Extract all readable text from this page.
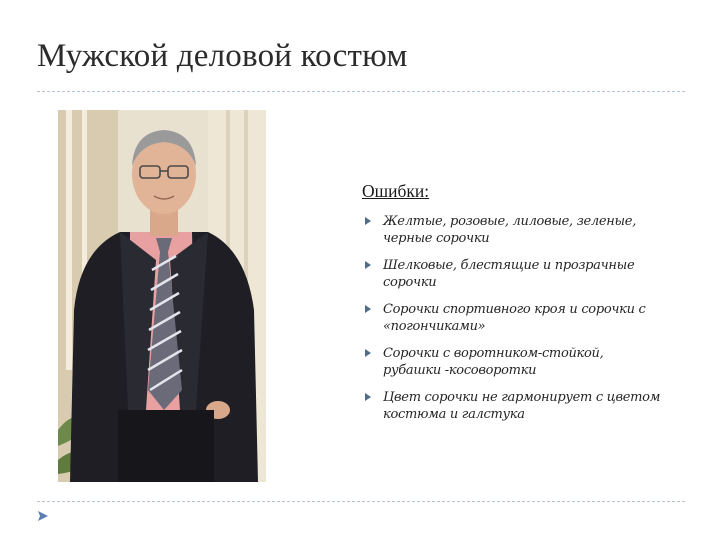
Мужской деловой костюм
Ошибки:
Желтые, розовые, лиловые, зеленые, черные сорочки
Шелковые, блестящие и прозрачные сорочки
Сорочки спортивного кроя и сорочки с «погончиками»
Сорочки с воротником-стойкой, рубашки -косоворотки
Цвет сорочки не гармонирует с цветом костюма и галстука
